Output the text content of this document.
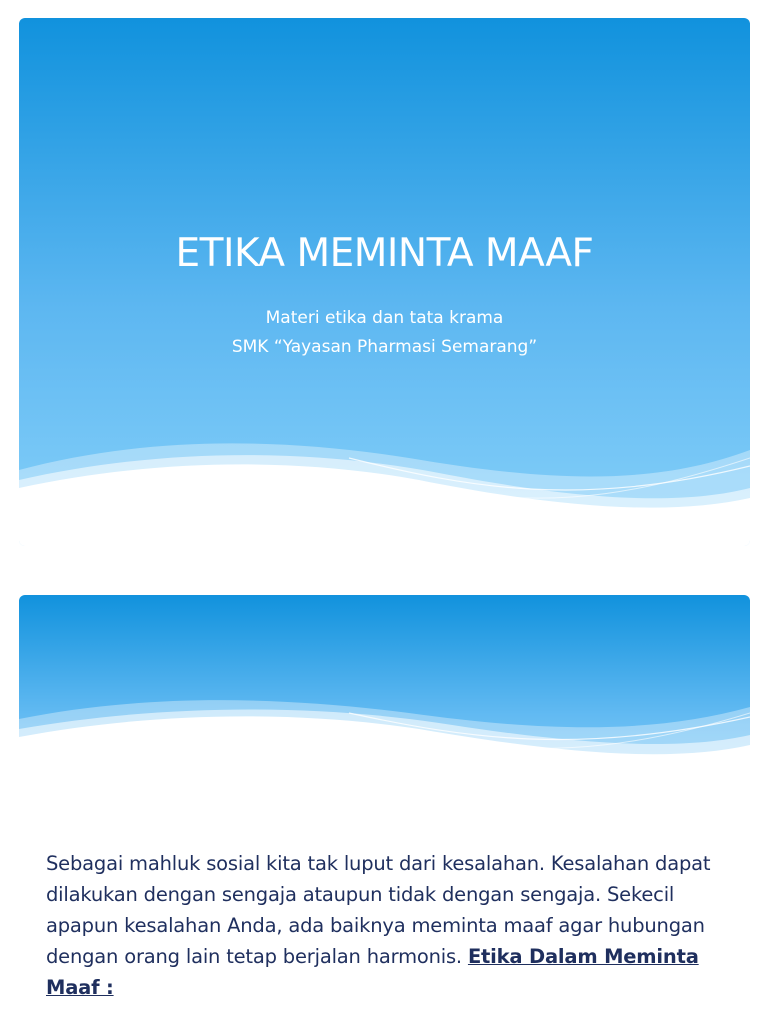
ETIKA MEMINTA MAAF
Materi etika dan tata krama
SMK “Yayasan Pharmasi Semarang”
Sebagai mahluk sosial kita tak luput dari kesalahan. Kesalahan dapat dilakukan dengan sengaja ataupun tidak dengan sengaja. Sekecil apapun kesalahan Anda, ada baiknya meminta maaf agar hubungan dengan orang lain tetap berjalan harmonis. Etika Dalam Meminta Maaf :
